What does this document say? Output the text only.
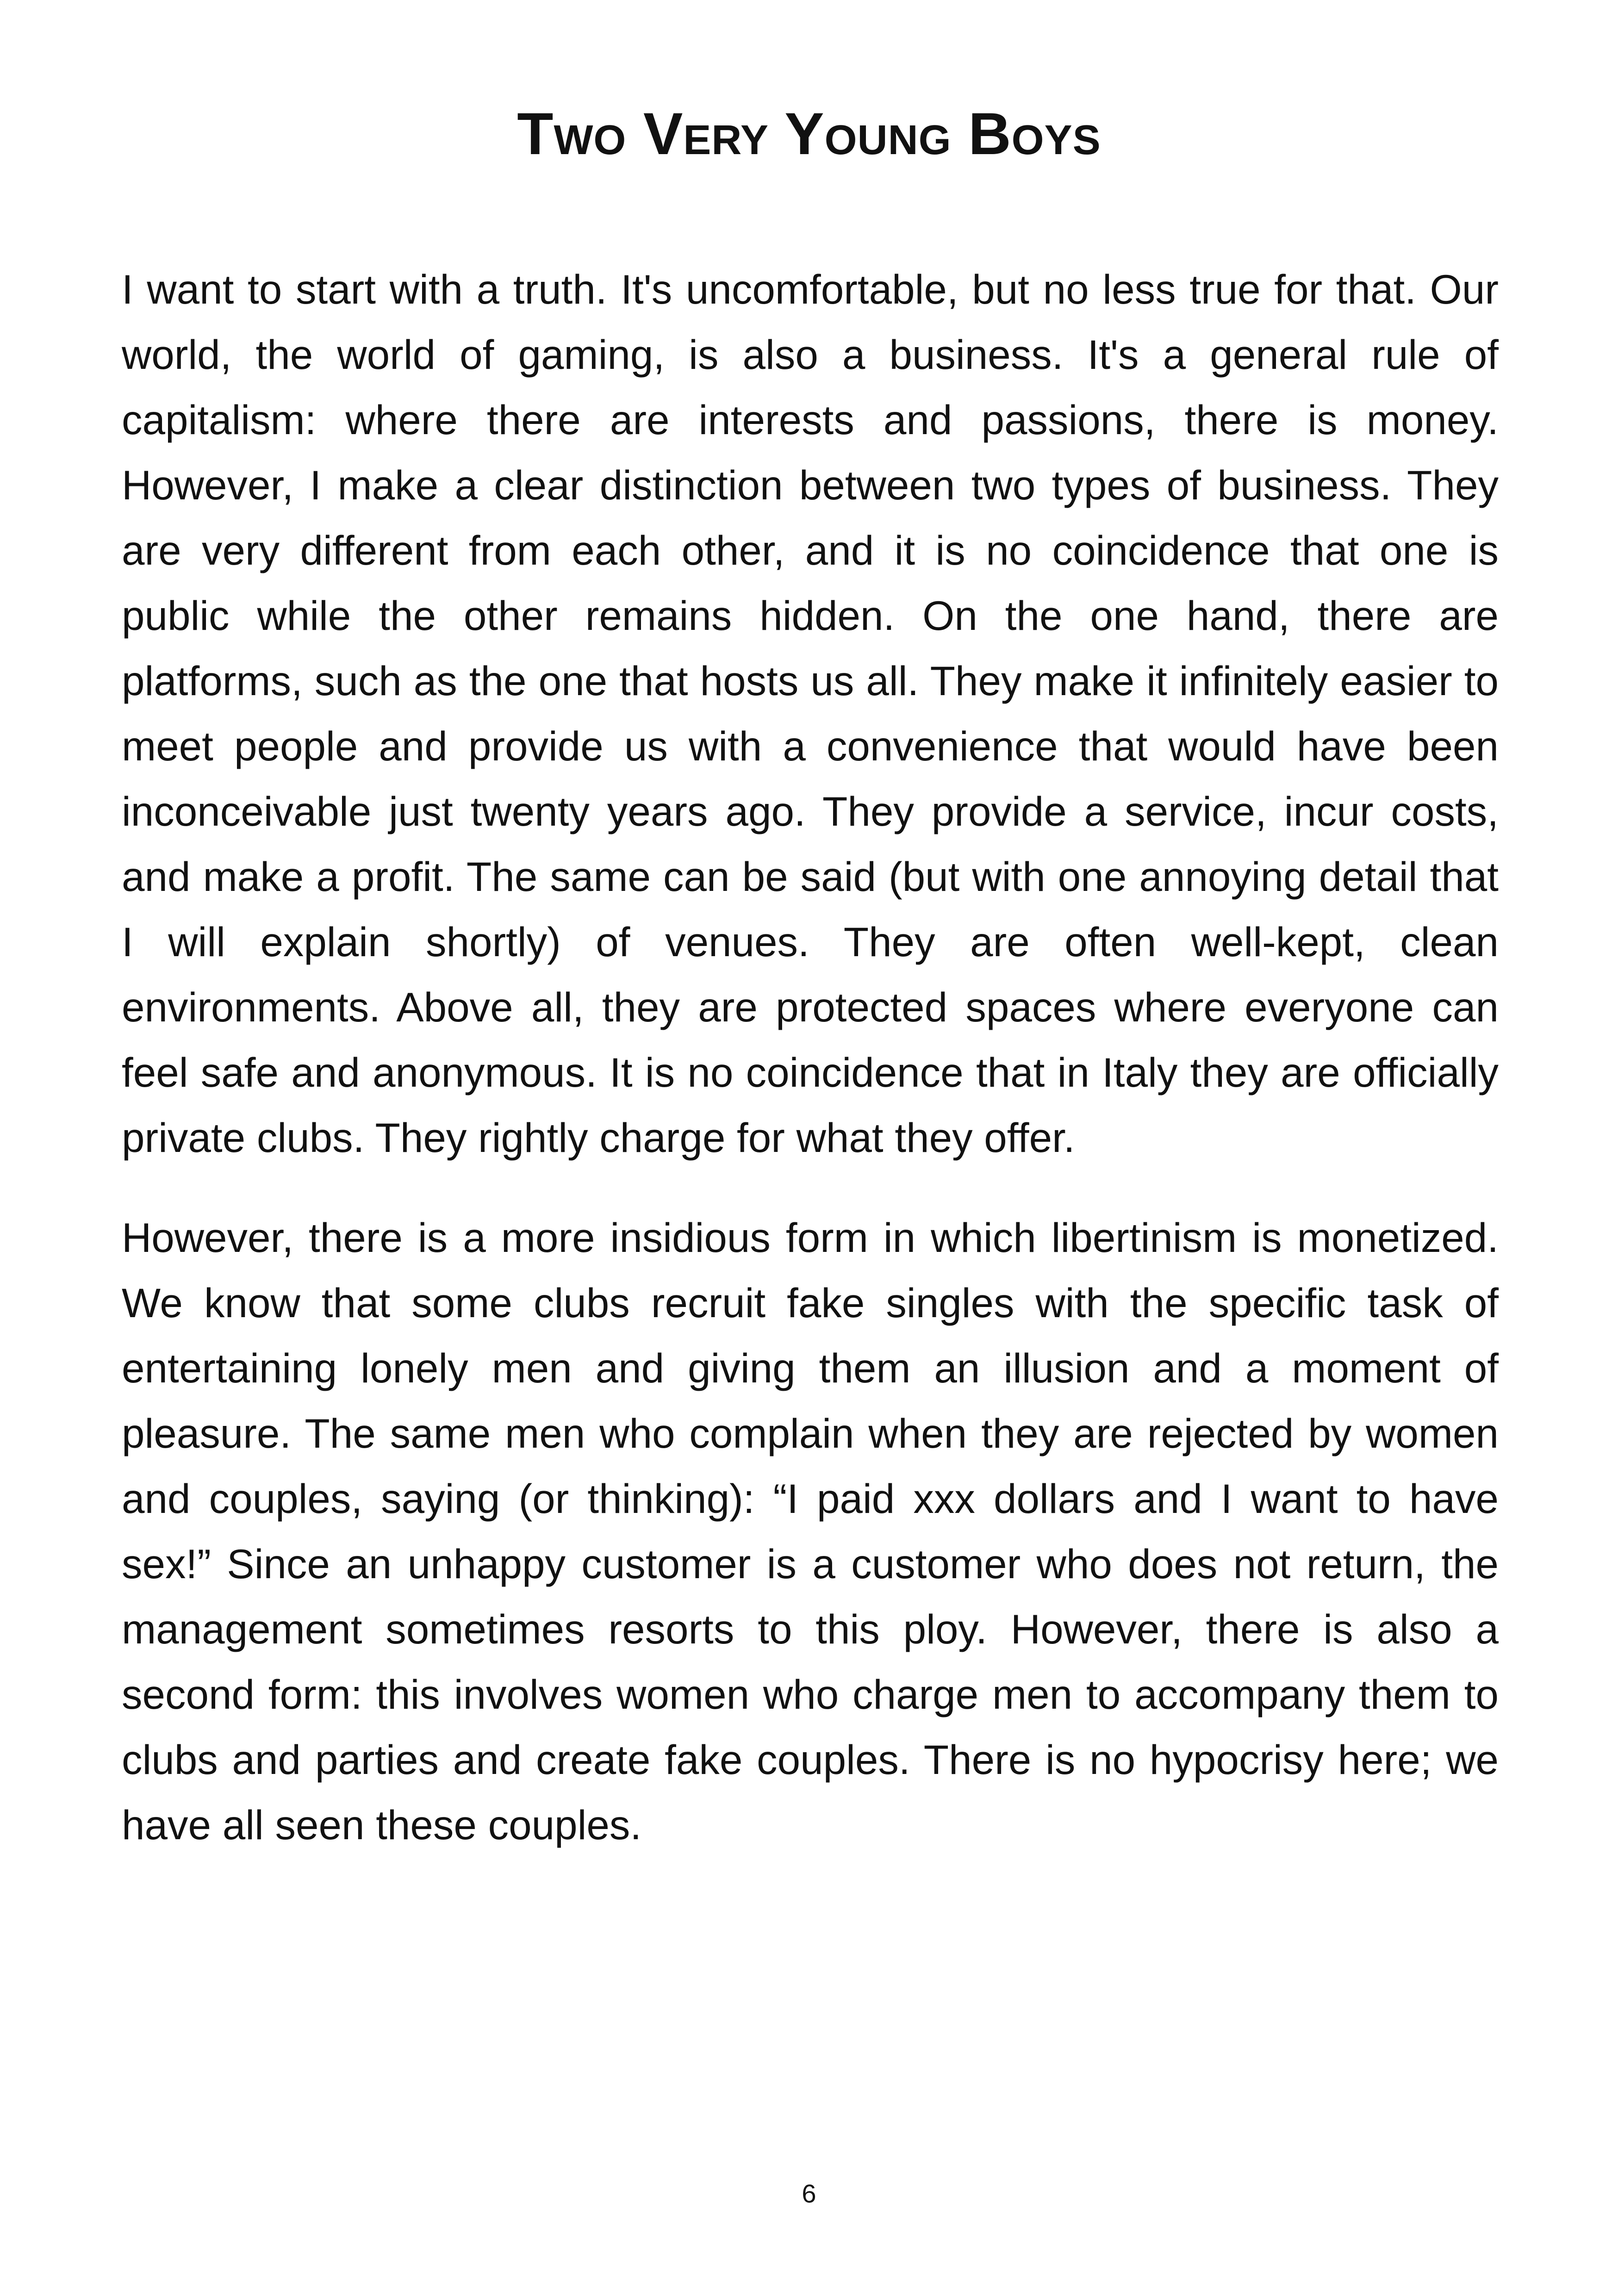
Two Very Young Boys

I want to start with a truth. It's uncomfortable, but no less true for that. Our world, the world of gaming, is also a business. It's a general rule of capitalism: where there are interests and passions, there is money. However, I make a clear distinction between two types of business. They are very different from each other, and it is no coincidence that one is public while the other remains hidden. On the one hand, there are platforms, such as the one that hosts us all. They make it infinitely easier to meet people and provide us with a convenience that would have been inconceivable just twenty years ago. They provide a service, incur costs, and make a profit. The same can be said (but with one annoying detail that I will explain shortly) of venues. They are often well-kept, clean environments. Above all, they are protected spaces where everyone can feel safe and anonymous. It is no coincidence that in Italy they are officially private clubs. They rightly charge for what they offer.

However, there is a more insidious form in which libertinism is monetized. We know that some clubs recruit fake singles with the specific task of entertaining lonely men and giving them an illusion and a moment of pleasure. The same men who complain when they are rejected by women and couples, saying (or thinking): “I paid xxx dollars and I want to have sex!” Since an unhappy customer is a customer who does not return, the management sometimes resorts to this ploy. However, there is also a second form: this involves women who charge men to accompany them to clubs and parties and create fake couples. There is no hypocrisy here; we have all seen these couples.

6
